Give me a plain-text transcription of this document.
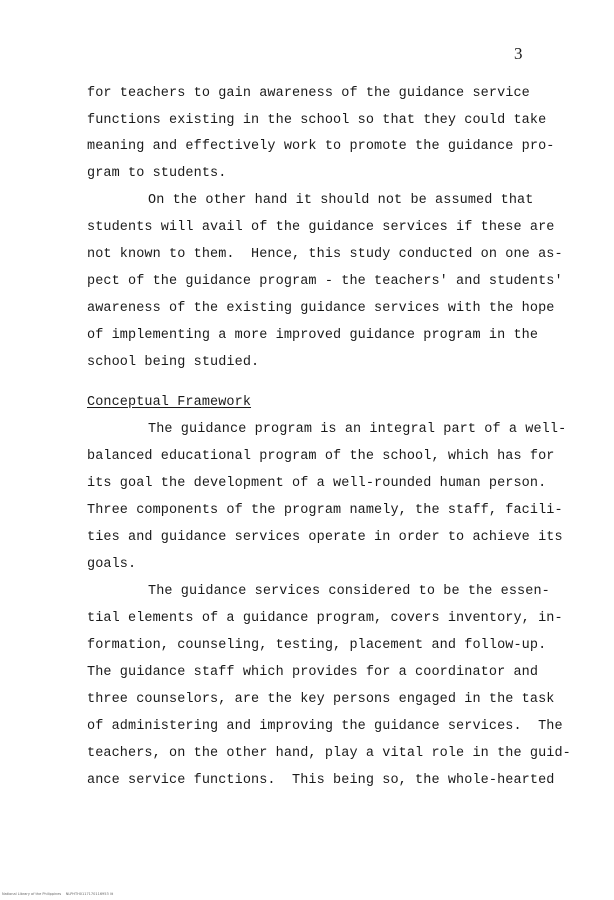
3

for teachers to gain awareness of the guidance service

functions existing in the school so that they could take

meaning and effectively work to promote the guidance pro-

gram to students.

On the other hand it should not be assumed that

students will avail of the guidance services if these are

not known to them.  Hence, this study conducted on one as-

pect of the guidance program - the teachers' and students'

awareness of the existing guidance services with the hope

of implementing a more improved guidance program in the

school being studied.

Conceptual Framework

The guidance program is an integral part of a well-

balanced educational program of the school, which has for

its goal the development of a well-rounded human person.

Three components of the program namely, the staff, facili-

ties and guidance services operate in order to achieve its

goals.

The guidance services considered to be the essen-

tial elements of a guidance program, covers inventory, in-

formation, counseling, testing, placement and follow-up.

The guidance staff which provides for a coordinator and

three counselors, are the key persons engaged in the task

of administering and improving the guidance services.  The

teachers, on the other hand, play a vital role in the guid-

ance service functions.  This being so, the whole-hearted

National Library of the Philippines    NLPHTH0117170116953 lit
